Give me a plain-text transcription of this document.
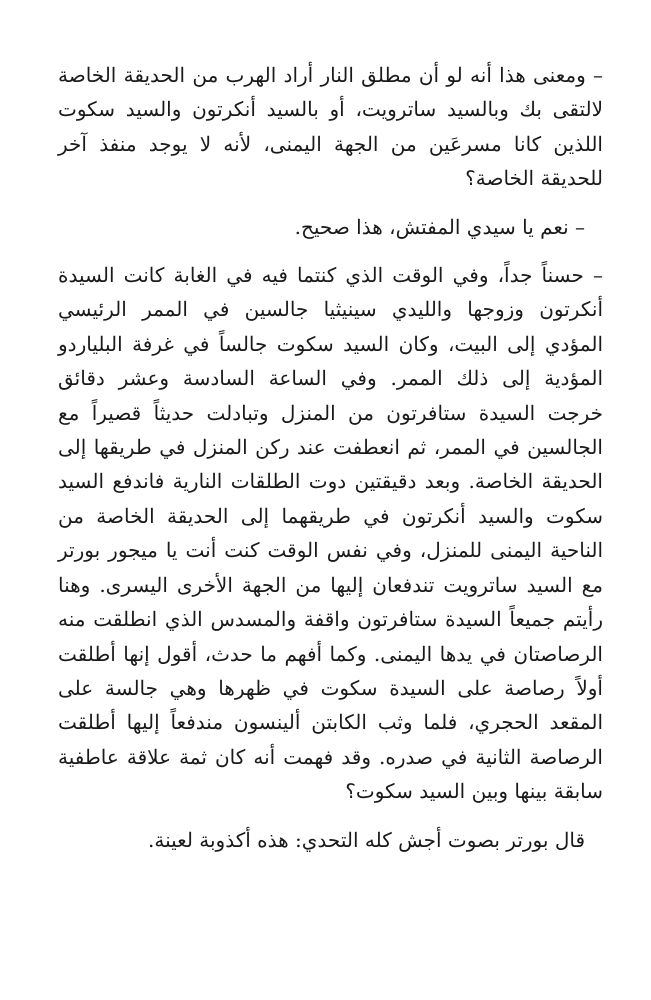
– ومعنى هذا أنه لو أن مطلق النار أراد الهرب من الحديقة الخاصة لالتقى بك وبالسيد ساترويت، أو بالسيد أنكرتون والسيد سكوت اللذين كانا مسرعَين من الجهة اليمنى، لأنه لا يوجد منفذ آخر للحديقة الخاصة؟

– نعم يا سيدي المفتش، هذا صحيح.

– حسناً جداً، وفي الوقت الذي كنتما فيه في الغابة كانت السيدة أنكرتون وزوجها والليدي سينيثيا جالسين في الممر الرئيسي المؤدي إلى البيت، وكان السيد سكوت جالساً في غرفة البلياردو المؤدية إلى ذلك الممر. وفي الساعة السادسة وعشر دقائق خرجت السيدة ستافرتون من المنزل وتبادلت حديثاً قصيراً مع الجالسين في الممر، ثم انعطفت عند ركن المنزل في طريقها إلى الحديقة الخاصة. وبعد دقيقتين دوت الطلقات النارية فاندفع السيد سكوت والسيد أنكرتون في طريقهما إلى الحديقة الخاصة من الناحية اليمنى للمنزل، وفي نفس الوقت كنت أنت يا ميجور بورتر مع السيد ساترويت تندفعان إليها من الجهة الأخرى اليسرى. وهنا رأيتم جميعاً السيدة ستافرتون واقفة والمسدس الذي انطلقت منه الرصاصتان في يدها اليمنى. وكما أفهم ما حدث، أقول إنها أطلقت أولاً رصاصة على السيدة سكوت في ظهرها وهي جالسة على المقعد الحجري، فلما وثب الكابتن ألينسون مندفعاً إليها أطلقت الرصاصة الثانية في صدره. وقد فهمت أنه كان ثمة علاقة عاطفية سابقة بينها وبين السيد سكوت؟

قال بورتر بصوت أجش كله التحدي: هذه أكذوبة لعينة.
